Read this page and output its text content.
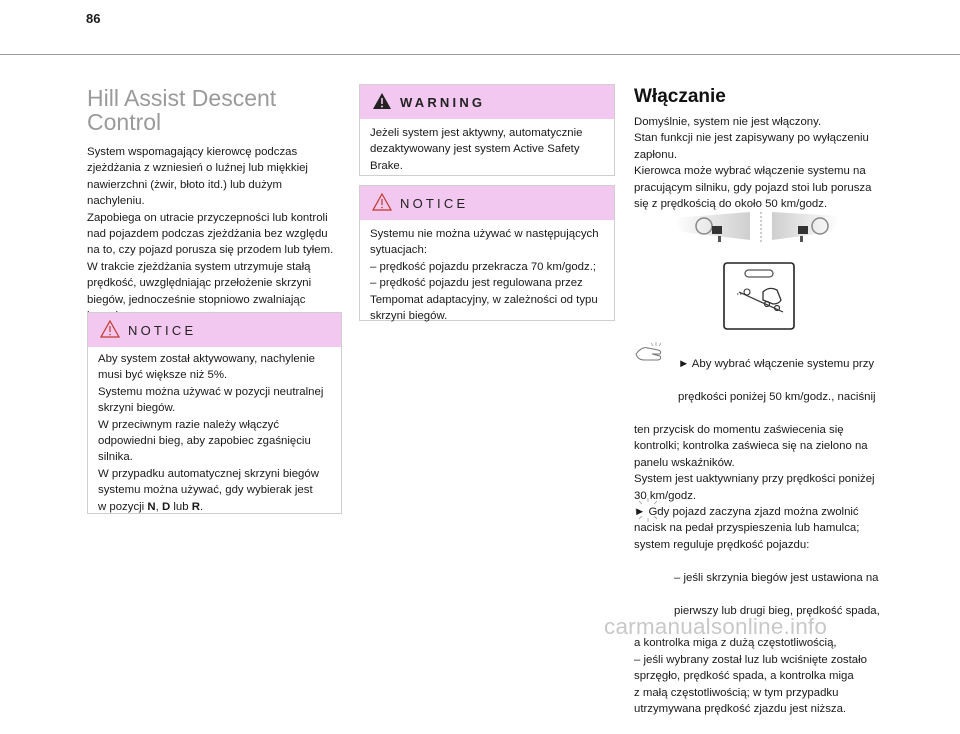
86
Hill Assist Descent
Control
System wspomagający kierowcę podczas
zjeżdżania z wzniesień o luźnej lub miękkiej
nawierzchni (żwir, błoto itd.) lub dużym
nachyleniu.
Zapobiega on utracie przyczepności lub kontroli
nad pojazdem podczas zjeżdżania bez względu
na to, czy pojazd porusza się przodem lub tyłem.
W trakcie zjeżdżania system utrzymuje stałą
prędkość, uwzględniając przełożenie skrzyni
biegów, jednocześnie stopniowo zwalniając

NOTICE
Aby system został aktywowany, nachylenie
musi być większe niż 5%.
Systemu można używać w pozycji neutralnej
skrzyni biegów.
W przeciwnym razie należy włączyć
odpowiedni bieg, aby zapobiec zgaśnięciu
silnika.
W przypadku automatycznej skrzyni biegów
systemu można używać, gdy wybierak jest
w pozycji N, D lub R.
WARNING
Jeżeli system jest aktywny, automatycznie
dezaktywowany jest system Active Safety
Brake.
NOTICE
Systemu nie można używać w następujących
sytuacjach:
– prędkość pojazdu przekracza 70 km/godz.;
– prędkość pojazdu jest regulowana przez
Tempomat adaptacyjny, w zależności od typu
skrzyni biegów.
Włączanie
Domyślnie, system nie jest włączony.
Stan funkcji nie jest zapisywany po wyłączeniu
zapłonu.
Kierowca może wybrać włączenie systemu na
pracującym silniku, gdy pojazd stoi lub porusza
się z prędkością do około 50 km/godz.

► Aby wybrać włączenie systemu przy

prędkości poniżej 50 km/godz., naciśnij

ten przycisk do momentu zaświecenia się
kontrolki; kontrolka zaświeca się na zielono na
panelu wskaźników.
System jest uaktywniany przy prędkości poniżej
30 km/godz.
► Gdy pojazd zaczyna zjazd można zwolnić
nacisk na pedał przyspieszenia lub hamulca;
system reguluje prędkość pojazdu:

– jeśli skrzynia biegów jest ustawiona na

pierwszy lub drugi bieg, prędkość spada,

a kontrolka miga z dużą częstotliwością,
– jeśli wybrany został luz lub wciśnięte zostało
sprzęgło, prędkość spada, a kontrolka miga
z małą częstotliwością; w tym przypadku
utrzymywana prędkość zjazdu jest niższa.

carmanualsonline.info
